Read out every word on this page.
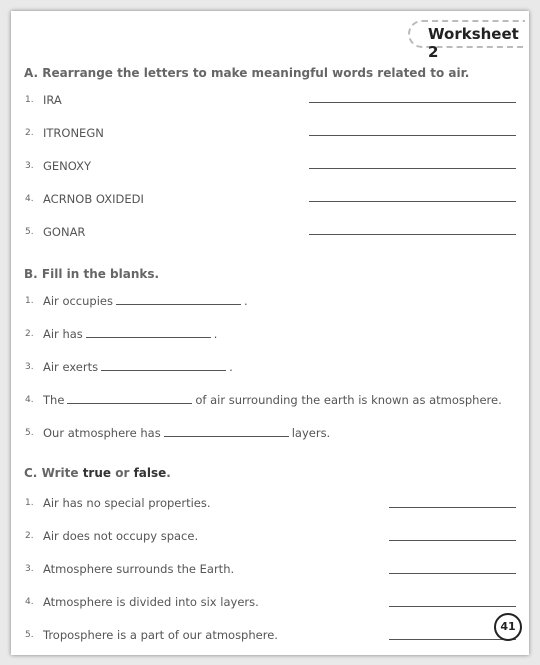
Worksheet 2
A. Rearrange the letters to make meaningful words related to air.
1. IRA
2. ITRONEGN
3. GENOXY
4. ACRNOB OXIDEDI
5. GONAR
B. Fill in the blanks.
1. Air occupies	.
2. Air has	.
3. Air exerts	.
4. The	of air surrounding the earth is known as atmosphere.
5. Our atmosphere has	layers.
C. Write true or false.
1. Air has no special properties.
2. Air does not occupy space.
3. Atmosphere surrounds the Earth.
4. Atmosphere is divided into six layers.
5. Troposphere is a part of our atmosphere.
41
